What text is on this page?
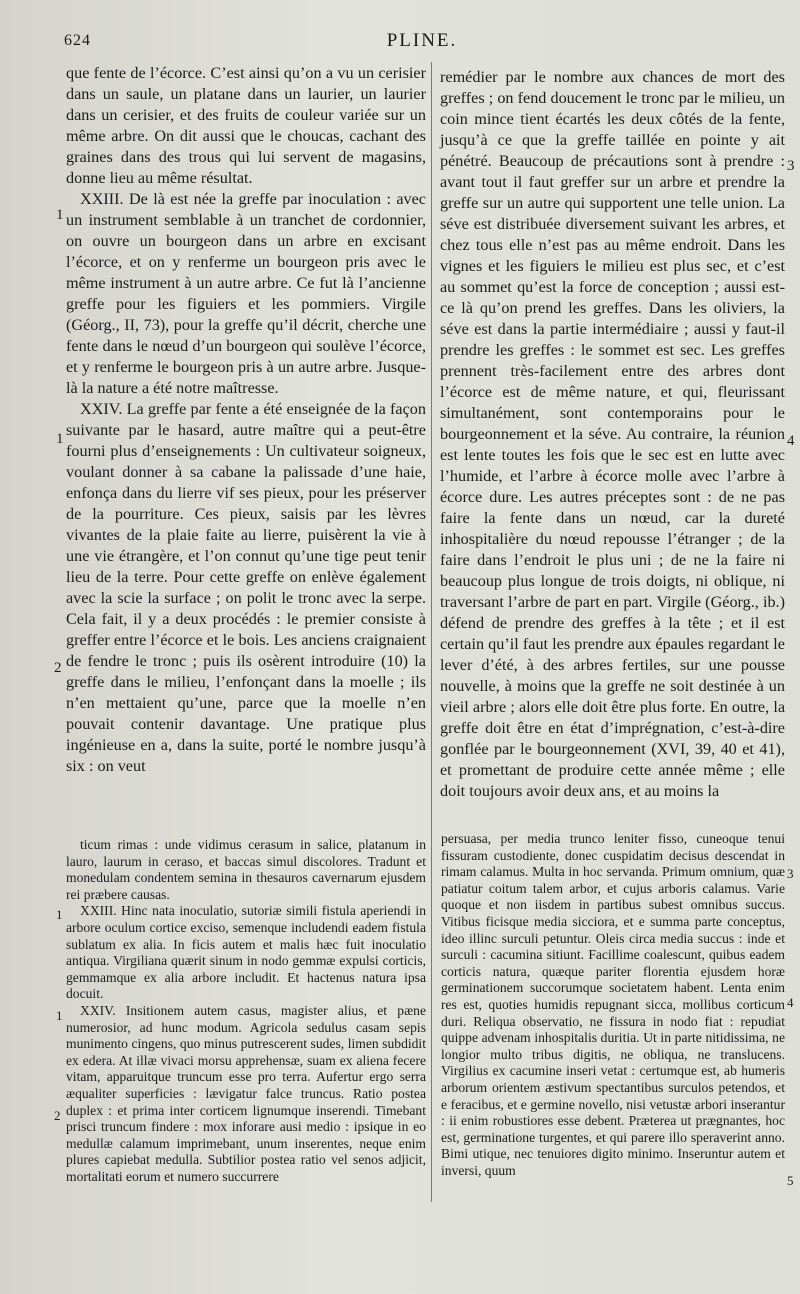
624	PLINE.

que fente de l’écorce. C’est ainsi qu’on a vu un cerisier dans un saule, un platane dans un laurier, un laurier dans un cerisier, et des fruits de couleur variée sur un même arbre. On dit aussi que le choucas, cachant des graines dans des trous qui lui servent de magasins, donne lieu au même résultat.

XXIII. De là est née la greffe par inoculation : avec un instrument semblable à un tranchet de cordonnier, on ouvre un bourgeon dans un arbre en excisant l’écorce, et on y renferme un bourgeon pris avec le même instrument à un autre arbre. Ce fut là l’ancienne greffe pour les figuiers et les pommiers. Virgile (Géorg., II, 73), pour la greffe qu’il décrit, cherche une fente dans le nœud d’un bourgeon qui soulève l’écorce, et y renferme le bourgeon pris à un autre arbre. Jusque-là la nature a été notre maîtresse.

XXIV. La greffe par fente a été enseignée de la façon suivante par le hasard, autre maître qui a peut-être fourni plus d’enseignements : Un cultivateur soigneux, voulant donner à sa cabane la palissade d’une haie, enfonça dans du lierre vif ses pieux, pour les préserver de la pourriture. Ces pieux, saisis par les lèvres vivantes de la plaie faite au lierre, puisèrent la vie à une vie étrangère, et l’on connut qu’une tige peut tenir lieu de la terre. Pour cette greffe on enlève également avec la scie la surface ; on polit le tronc avec la serpe. Cela fait, il y a deux procédés : le premier consiste à greffer entre l’écorce et le bois. Les anciens craignaient de fendre le tronc ; puis ils osèrent introduire (10) la greffe dans le milieu, l’enfonçant dans la moelle ; ils n’en mettaient qu’une, parce que la moelle n’en pouvait contenir davantage. Une pratique plus ingénieuse en a, dans la suite, porté le nombre jusqu’à six : on veut

remédier par le nombre aux chances de mort des greffes ; on fend doucement le tronc par le milieu, un coin mince tient écartés les deux côtés de la fente, jusqu’à ce que la greffe taillée en pointe y ait pénétré. Beaucoup de précautions sont à prendre : avant tout il faut greffer sur un arbre et prendre la greffe sur un autre qui supportent une telle union. La séve est distribuée diversement suivant les arbres, et chez tous elle n’est pas au même endroit. Dans les vignes et les figuiers le milieu est plus sec, et c’est au sommet qu’est la force de conception ; aussi est-ce là qu’on prend les greffes. Dans les oliviers, la séve est dans la partie intermédiaire ; aussi y faut-il prendre les greffes : le sommet est sec. Les greffes prennent très-facilement entre des arbres dont l’écorce est de même nature, et qui, fleurissant simultanément, sont contemporains pour le bourgeonnement et la séve. Au contraire, la réunion est lente toutes les fois que le sec est en lutte avec l’humide, et l’arbre à écorce molle avec l’arbre à écorce dure. Les autres préceptes sont : de ne pas faire la fente dans un nœud, car la dureté inhospitalière du nœud repousse l’étranger ; de la faire dans l’endroit le plus uni ; de ne la faire ni beaucoup plus longue de trois doigts, ni oblique, ni traversant l’arbre de part en part. Virgile (Géorg., ib.) défend de prendre des greffes à la tête ; et il est certain qu’il faut les prendre aux épaules regardant le lever d’été, à des arbres fertiles, sur une pousse nouvelle, à moins que la greffe ne soit destinée à un vieil arbre ; alors elle doit être plus forte. En outre, la greffe doit être en état d’imprégnation, c’est-à-dire gonflée par le bourgeonnement (XVI, 39, 40 et 41), et promettant de produire cette année même ; elle doit toujours avoir deux ans, et au moins la

ticum rimas : unde vidimus cerasum in salice, platanum in lauro, laurum in ceraso, et baccas simul discolores. Tradunt et monedulam condentem semina in thesauros cavernarum ejusdem rei præbere causas.

XXIII. Hinc nata inoculatio, sutoriæ simili fistula aperiendi in arbore oculum cortice exciso, semenque includendi eadem fistula sublatum ex alia. In ficis autem et malis hæc fuit inoculatio antiqua. Virgiliana quærit sinum in nodo gemmæ expulsi corticis, gemmamque ex alia arbore includit. Et hactenus natura ipsa docuit.

XXIV. Insitionem autem casus, magister alius, et pæne numerosior, ad hunc modum. Agricola sedulus casam sepis munimento cingens, quo minus putrescerent sudes, limen subdidit ex edera. At illæ vivaci morsu apprehensæ, suam ex aliena fecere vitam, apparuitque truncum esse pro terra. Aufertur ergo serra æqualiter superficies : lævigatur falce truncus. Ratio postea duplex : et prima inter corticem lignumque inserendi. Timebant prisci truncum findere : mox inforare ausi medio : ipsique in eo medullæ calamum imprimebant, unum inserentes, neque enim plures capiebat medulla. Subtilior postea ratio vel senos adjicit, mortalitati eorum et numero succurrere

persuasa, per media trunco leniter fisso, cuneoque tenui fissuram custodiente, donec cuspidatim decisus descendat in rimam calamus. Multa in hoc servanda. Primum omnium, quæ patiatur coitum talem arbor, et cujus arboris calamus. Varie quoque et non iisdem in partibus subest omnibus succus. Vitibus ficisque media sicciora, et e summa parte conceptus, ideo illinc surculi petuntur. Oleis circa media succus : inde et surculi : cacumina sitiunt. Facillime coalescunt, quibus eadem corticis natura, quæque pariter florentia ejusdem horæ germinationem succorumque societatem habent. Lenta enim res est, quoties humidis repugnant sicca, mollibus corticum duri. Reliqua observatio, ne fissura in nodo fiat : repudiat quippe advenam inhospitalis duritia. Ut in parte nitidissima, ne longior multo tribus digitis, ne obliqua, ne translucens. Virgilius ex cacumine inseri vetat : certumque est, ab humeris arborum orientem æstivum spectantibus surculos petendos, et e feracibus, et e germine novello, nisi vetustæ arbori inserantur : ii enim robustiores esse debent. Præterea ut prægnantes, hoc est, germinatione turgentes, et qui parere illo speraverint anno. Bimi utique, nec tenuiores digito minimo. Inseruntur autem et inversi, quum

1
1
2
3
4
1
1
2
3
4
5
